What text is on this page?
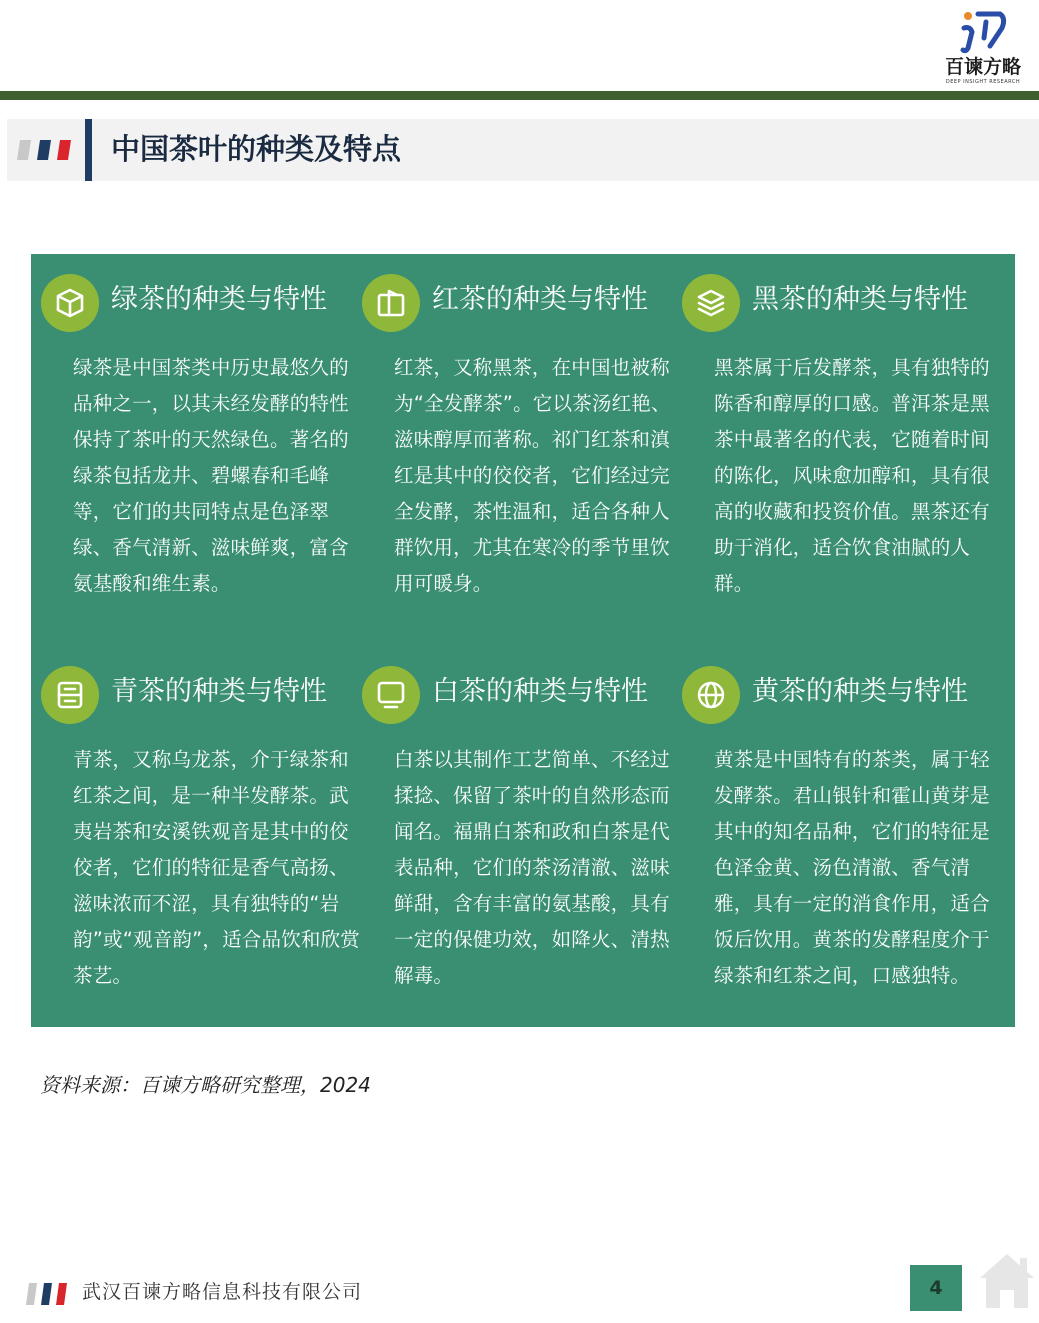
百谏方略
DEEP INSIGHT RESEARCH
中国茶叶的种类及特点
绿茶的种类与特性

绿茶是中国茶类中历史最悠久的品种之一，以其未经发酵的特性保持了茶叶的天然绿色。著名的绿茶包括龙井、碧螺春和毛峰等，它们的共同特点是色泽翠绿、香气清新、滋味鲜爽，富含氨基酸和维生素。

红茶的种类与特性

红茶，又称黑茶，在中国也被称为“全发酵茶”。它以茶汤红艳、滋味醇厚而著称。祁门红茶和滇红是其中的佼佼者，它们经过完全发酵，茶性温和，适合各种人群饮用，尤其在寒冷的季节里饮用可暖身。

黑茶的种类与特性

黑茶属于后发酵茶，具有独特的陈香和醇厚的口感。普洱茶是黑茶中最著名的代表，它随着时间的陈化，风味愈加醇和，具有很高的收藏和投资价值。黑茶还有助于消化，适合饮食油腻的人群。

青茶的种类与特性

青茶，又称乌龙茶，介于绿茶和红茶之间，是一种半发酵茶。武夷岩茶和安溪铁观音是其中的佼佼者，它们的特征是香气高扬、滋味浓而不涩，具有独特的“岩韵”或“观音韵”，适合品饮和欣赏茶艺。

白茶的种类与特性

白茶以其制作工艺简单、不经过揉捻、保留了茶叶的自然形态而闻名。福鼎白茶和政和白茶是代表品种，它们的茶汤清澈、滋味鲜甜，含有丰富的氨基酸，具有一定的保健功效，如降火、清热解毒。

黄茶的种类与特性

黄茶是中国特有的茶类，属于轻发酵茶。君山银针和霍山黄芽是其中的知名品种，它们的特征是色泽金黄、汤色清澈、香气清雅，具有一定的消食作用，适合饭后饮用。黄茶的发酵程度介于绿茶和红茶之间，口感独特。

资料来源：百谏方略研究整理，2024
武汉百谏方略信息科技有限公司	4
